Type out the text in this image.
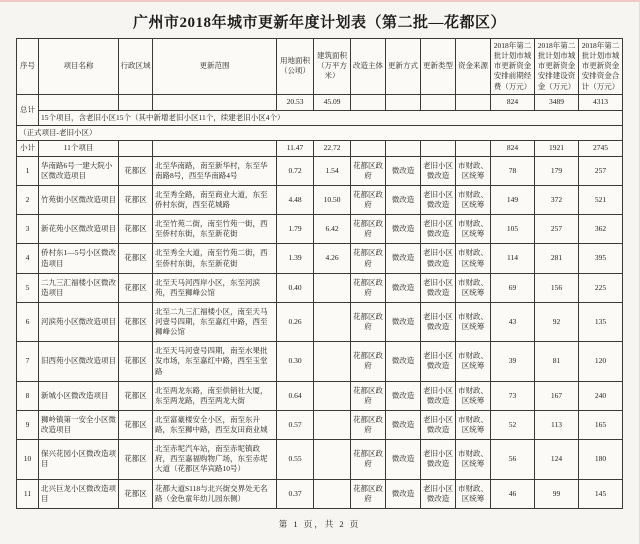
广州市2018年城市更新年度计划表（第二批—花都区）
序号	项目名称	行政区域	更新范围	用地面积（公顷）	建筑面积（万平方米）	改造主体	更新方式	更新类型	资金来源	2018年第二批计划市城市更新资金安排前期经费（万元）	2018年第二批计划市城市更新资金安排建设资金（万元）	2018年第二批计划市城市更新资金安排资金合计（万元）
总计				20.53	45.09					824	3489	4313
	15个项目，含老旧小区15个（其中新增老旧小区11个，续建老旧小区4个）											
（正式项目-老旧小区）												
小计	11个项目			11.47	22.72					824	1921	2745
1	华南路6号一建大院小区微改造项目	花都区	北至华南路，南至新华村，东至华南路8号，西至华南路4号	0.72	1.54	花都区政府	微改造	老旧小区微改造	市财政、区统筹	78	179	257
2	竹苑街小区微改造项目	花都区	北至秀全路，南至商业大道，东至侨村东街，西至花城路	4.48	10.50	花都区政府	微改造	老旧小区微改造	市财政、区统筹	149	372	521
3	新花苑小区微改造项目	花都区	北至竹苑二街，南至竹苑一街，西至侨村东街，东至新花街	1.79	6.42	花都区政府	微改造	老旧小区微改造	市财政、区统筹	105	257	362
4	侨村东1—5号小区微改造项目	花都区	北至秀全大道，南至竹苑二街，西至侨村东街，东至新花街	1.39	4.26	花都区政府	微改造	老旧小区微改造	市财政、区统筹	114	281	395
5	二九三汇福楼小区微改造项目	花都区	北至天马河西岸小区，东至河滨苑，西至狮峰公馆	0.40		花都区政府	微改造	老旧小区微改造	市财政、区统筹	69	156	225
6	河滨苑小区微改造项目	花都区	北至二九三汇福楼小区，南至天马河壹号四期，东至嘉红中路，西至狮峰公馆	0.26		花都区政府	微改造	老旧小区微改造	市财政、区统筹	43	92	135
7	旧西苑小区微改造项目	花都区	北至天马河壹号四期，南至水果批发市场，东至嘉红中路，西至玉堂路	0.30		花都区政府	微改造	老旧小区微改造	市财政、区统筹	39	81	120
8	新城小区微改造项目	花都区	北至两龙东路，南至供销社大厦，东至两龙路，西至两龙大街	0.64		花都区政府	微改造	老旧小区微改造	市财政、区统筹	73	167	240
9	狮岭镇第一安全小区微改造项目	花都区	北至富豪楼安全小区，南至东升路，东至狮中路，西至友田商业城	0.57		花都区政府	微改造	老旧小区微改造	市财政、区统筹	52	113	165
10	保兴花园小区微改造项目	花都区	北至赤坭汽车站，南至赤坭镇政府，西至嘉福购物广场，东至赤坭大道（花都区华宾路10号）	0.55		花都区政府	微改造	老旧小区微改造	市财政、区统筹	56	124	180
11	北兴巨龙小区微改造项目	花都区	花都大道S118与北兴街交界处无名路（金色童年幼儿园东侧）	0.37		花都区政府	微改造	老旧小区微改造	市财政、区统筹	46	99	145
第 1 页，共 2 页
